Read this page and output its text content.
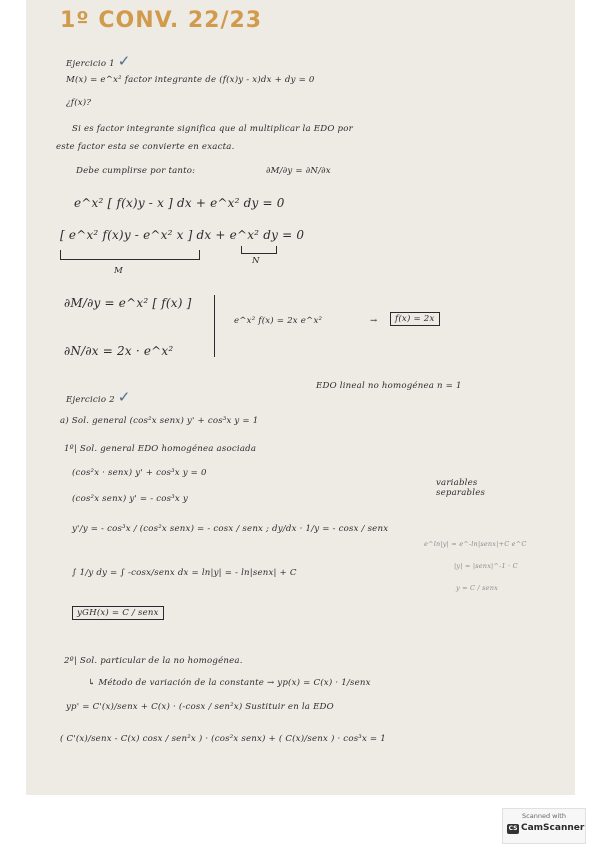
1º CONV. 22/23
Ejercicio 1 ✓
M(x) = e^x² factor integrante de (f(x)y - x)dx + dy = 0
¿f(x)?
Si es factor integrante significa que al multiplicar la EDO por
este factor esta se convierte en exacta.
Debe cumplirse por tanto:	∂M/∂y = ∂N/∂x
e^x² [ f(x)y - x ] dx + e^x² dy = 0
[ e^x² f(x)y - e^x² x ] dx + e^x² dy = 0
M
N
∂M/∂y = e^x² [ f(x) ]
∂N/∂x = 2x · e^x²
e^x² f(x) = 2x e^x²	→	f(x) = 2x
Ejercicio 2 ✓
EDO lineal no homogénea n = 1
a) Sol. general (cos²x senx) y' + cos³x y = 1
1º| Sol. general EDO homogénea asociada
(cos²x · senx) y' + cos³x y = 0
(cos²x senx) y' = - cos³x y
variables separables
y'/y = - cos³x / (cos²x senx) = - cosx / senx ; dy/dx · 1/y = - cosx / senx
e^ln|y| = e^-ln|senx|+C e^C
|y| = |senx|^-1 · C
y = C / senx
∫ 1/y dy = ∫ -cosx/senx dx = ln|y| = - ln|senx| + C
yGH(x) = C / senx
2º| Sol. particular de la no homogénea.
↳ Método de variación de la constante → yp(x) = C(x) · 1/senx
yp' = C'(x)/senx + C(x) · (-cosx / sen²x) Sustituir en la EDO
( C'(x)/senx - C(x) cosx / sen²x ) · (cos²x senx) + ( C(x)/senx ) · cos³x = 1
Scanned with
CS CamScanner
